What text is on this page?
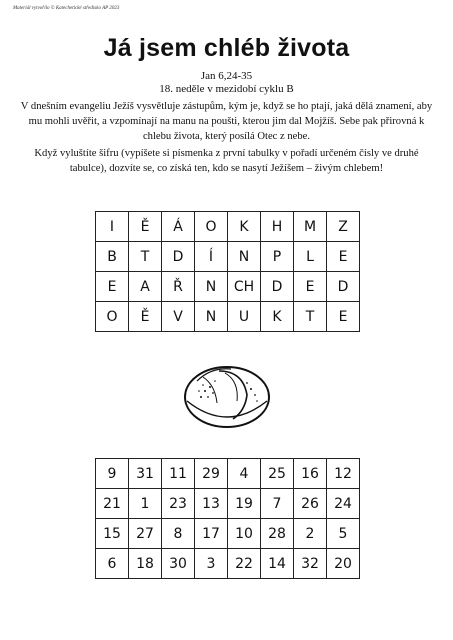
Materiál vytvořilo © Katechetické středisko AP 2023
Já jsem chléb života
Jan 6,24-35
18. neděle v mezidobí cyklu B
V dnešním evangeliu Ježíš vysvětluje zástupům, kým je, když se ho ptají, jaká dělá znamení, aby mu mohli uvěřit, a vzpomínají na manu na poušti, kterou jim dal Mojžíš. Sebe pak přirovná k chlebu života, který posílá Otec z nebe.
Když vyluštíte šifru (vypíšete si písmenka z první tabulky v pořadí určeném čísly ve druhé tabulce), dozvíte se, co získá ten, kdo se nasytí Ježíšem – živým chlebem!
I	Ě	Á	O	K	H	M	Z
B	T	D	Í	N	P	L	E
E	A	Ř	N	CH	D	E	D
O	Ě	V	N	U	K	T	E
9	31	11	29	4	25	16	12
21	1	23	13	19	7	26	24
15	27	8	17	10	28	2	5
6	18	30	3	22	14	32	20
